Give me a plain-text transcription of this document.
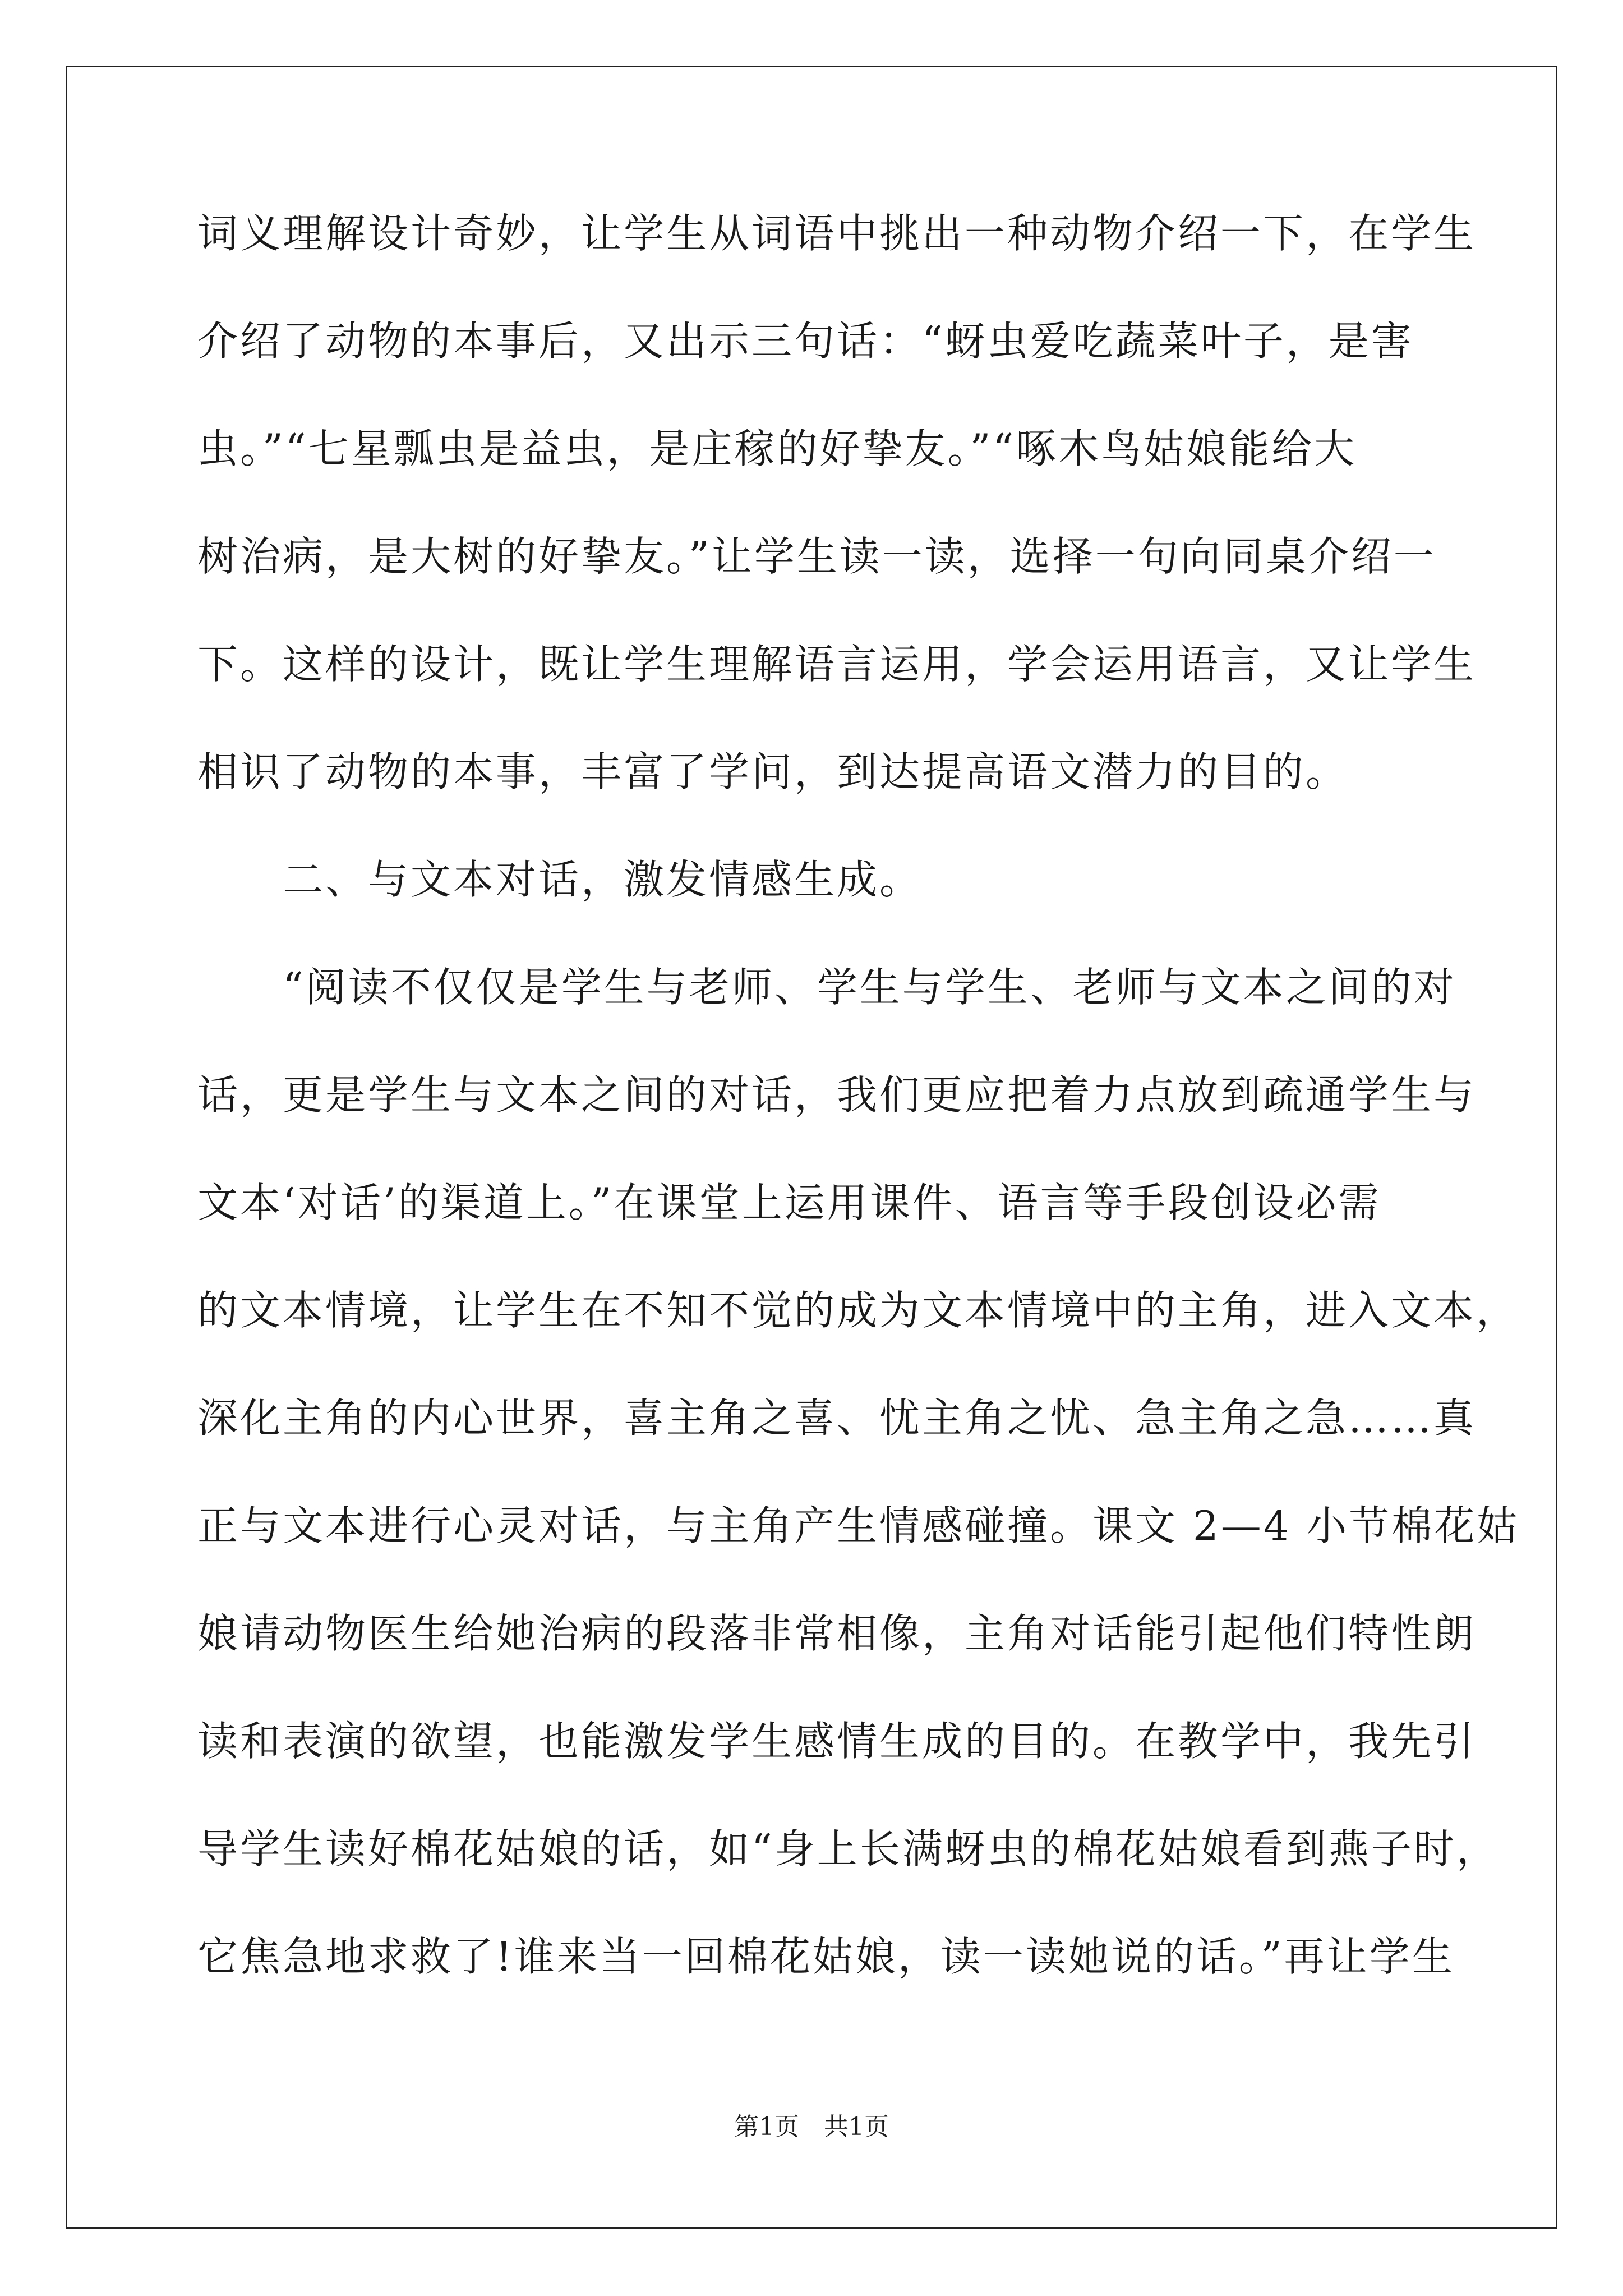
词义理解设计奇妙，让学生从词语中挑出一种动物介绍一下，在学生

介绍了动物的本事后，又出示三句话：“蚜虫爱吃蔬菜叶子，是害

虫。”“七星瓢虫是益虫，是庄稼的好挚友。”“啄木鸟姑娘能给大

树治病，是大树的好挚友。”让学生读一读，选择一句向同桌介绍一

下。这样的设计，既让学生理解语言运用，学会运用语言，又让学生

相识了动物的本事，丰富了学问，到达提高语文潜力的目的。

　　二、与文本对话，激发情感生成。

　　“阅读不仅仅是学生与老师、学生与学生、老师与文本之间的对

话，更是学生与文本之间的对话，我们更应把着力点放到疏通学生与

文本‘对话’的渠道上。”在课堂上运用课件、语言等手段创设必需

的文本情境，让学生在不知不觉的成为文本情境中的主角，进入文本，

深化主角的内心世界，喜主角之喜、忧主角之忧、急主角之急……真

正与文本进行心灵对话，与主角产生情感碰撞。课文 2—4 小节棉花姑

娘请动物医生给她治病的段落非常相像，主角对话能引起他们特性朗

读和表演的欲望，也能激发学生感情生成的目的。在教学中，我先引

导学生读好棉花姑娘的话，如“身上长满蚜虫的棉花姑娘看到燕子时，

它焦急地求救了!谁来当一回棉花姑娘，读一读她说的话。”再让学生

第1页　共1页
